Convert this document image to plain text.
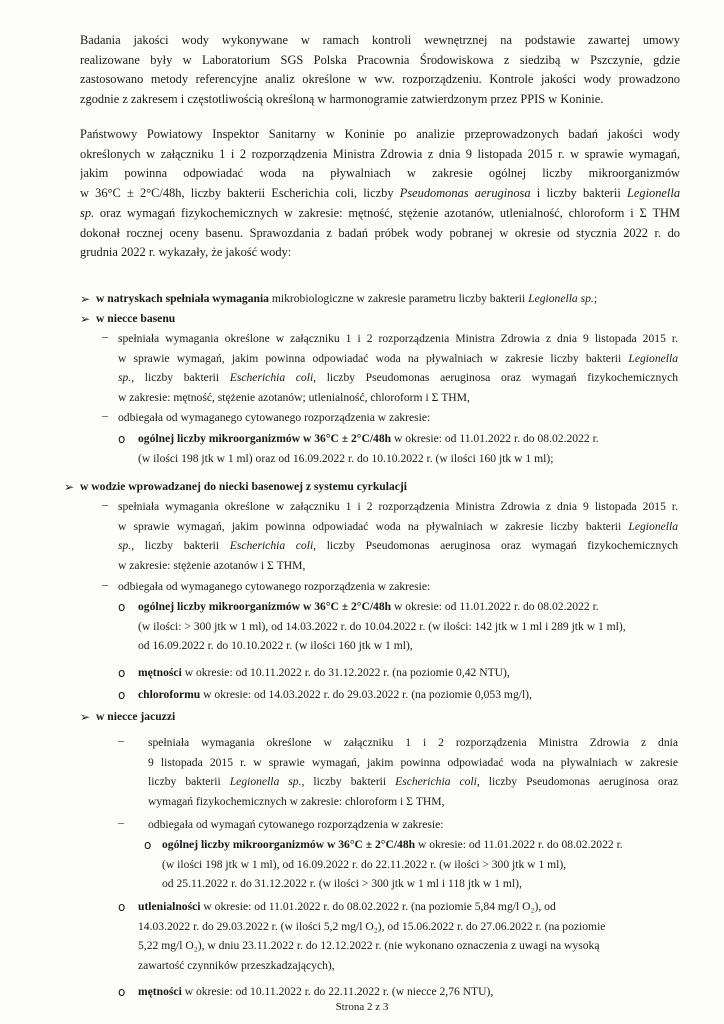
Badania jakości wody wykonywane w ramach kontroli wewnętrznej na podstawie zawartej umowy
realizowane były w Laboratorium SGS Polska Pracownia Środowiskowa z siedzibą w Pszczynie, gdzie
zastosowano metody referencyjne analiz określone w ww. rozporządzeniu. Kontrole jakości wody prowadzono
zgodnie z zakresem i częstotliwością określoną w harmonogramie zatwierdzonym przez PPIS w Koninie.
Państwowy Powiatowy Inspektor Sanitarny w Koninie po analizie przeprowadzonych badań jakości wody
określonych w załączniku 1 i 2 rozporządzenia Ministra Zdrowia z dnia 9 listopada 2015 r. w sprawie wymagań,
jakim powinna odpowiadać woda na pływalniach w zakresie ogólnej liczby mikroorganizmów
w 36°C ± 2°C/48h, liczby bakterii Escherichia coli, liczby Pseudomonas aeruginosa i liczby bakterii Legionella
sp. oraz wymagań fizykochemicznych w zakresie: mętność, stężenie azotanów, utlenialność, chloroform i Σ THM
dokonał rocznej oceny basenu. Sprawozdania z badań próbek wody pobranej w okresie od stycznia 2022 r. do
grudnia 2022 r. wykazały, że jakość wody:
➢ w natryskach spełniała wymagania mikrobiologiczne w zakresie parametru liczby bakterii Legionella sp.;
➢ w niecce basenu
– spełniała wymagania określone w załączniku 1 i 2 rozporządzenia Ministra Zdrowia z dnia 9 listopada 2015 r.
w sprawie wymagań, jakim powinna odpowiadać woda na pływalniach w zakresie liczby bakterii Legionella
sp., liczby bakterii Escherichia coli, liczby Pseudomonas aeruginosa oraz wymagań fizykochemicznych
w zakresie: mętność, stężenie azotanów; utlenialność, chloroform i Σ THM,
– odbiegała od wymaganego cytowanego rozporządzenia w zakresie:
o ogólnej liczby mikroorganizmów w 36°C ± 2°C/48h w okresie: od 11.01.2022 r. do 08.02.2022 r.
(w ilości 198 jtk w 1 ml) oraz od 16.09.2022 r. do 10.10.2022 r. (w ilości 160 jtk w 1 ml);
➢ w wodzie wprowadzanej do niecki basenowej z systemu cyrkulacji
– spełniała wymagania określone w załączniku 1 i 2 rozporządzenia Ministra Zdrowia z dnia 9 listopada 2015 r.
w sprawie wymagań, jakim powinna odpowiadać woda na pływalniach w zakresie liczby bakterii Legionella
sp., liczby bakterii Escherichia coli, liczby Pseudomonas aeruginosa oraz wymagań fizykochemicznych
w zakresie: stężenie azotanów i Σ THM,
– odbiegała od wymaganego cytowanego rozporządzenia w zakresie:
o ogólnej liczby mikroorganizmów w 36°C ± 2°C/48h w okresie: od 11.01.2022 r. do 08.02.2022 r.
(w ilości: > 300 jtk w 1 ml), od 14.03.2022 r. do 10.04.2022 r. (w ilości: 142 jtk w 1 ml i 289 jtk w 1 ml),
od 16.09.2022 r. do 10.10.2022 r. (w ilości 160 jtk w 1 ml),
o mętności w okresie: od 10.11.2022 r. do 31.12.2022 r. (na poziomie 0,42 NTU),
o chloroformu w okresie: od 14.03.2022 r. do 29.03.2022 r. (na poziomie 0,053 mg/l),
➢ w niecce jacuzzi
– spełniała wymagania określone w załączniku 1 i 2 rozporządzenia Ministra Zdrowia z dnia
9 listopada 2015 r. w sprawie wymagań, jakim powinna odpowiadać woda na pływalniach w zakresie
liczby bakterii Legionella sp., liczby bakterii Escherichia coli, liczby Pseudomonas aeruginosa oraz
wymagań fizykochemicznych w zakresie: chloroform i Σ THM,
– odbiegała od wymagań cytowanego rozporządzenia w zakresie:
o ogólnej liczby mikroorganizmów w 36°C ± 2°C/48h w okresie: od 11.01.2022 r. do 08.02.2022 r.
(w ilości 198 jtk w 1 ml), od 16.09.2022 r. do 22.11.2022 r. (w ilości > 300 jtk w 1 ml),
od 25.11.2022 r. do 31.12.2022 r. (w ilości > 300 jtk w 1 ml i 118 jtk w 1 ml),
o utlenialności w okresie: od 11.01.2022 r. do 08.02.2022 r. (na poziomie 5,84 mg/l O₂), od
14.03.2022 r. do 29.03.2022 r. (w ilości 5,2 mg/l O₂), od 15.06.2022 r. do 27.06.2022 r. (na poziomie
5,22 mg/l O₂), w dniu 23.11.2022 r. do 12.12.2022 r. (nie wykonano oznaczenia z uwagi na wysoką
zawartość czynników przeszkadzających),
o mętności w okresie: od 10.11.2022 r. do 22.11.2022 r. (w niecce 2,76 NTU),
Strona 2 z 3
